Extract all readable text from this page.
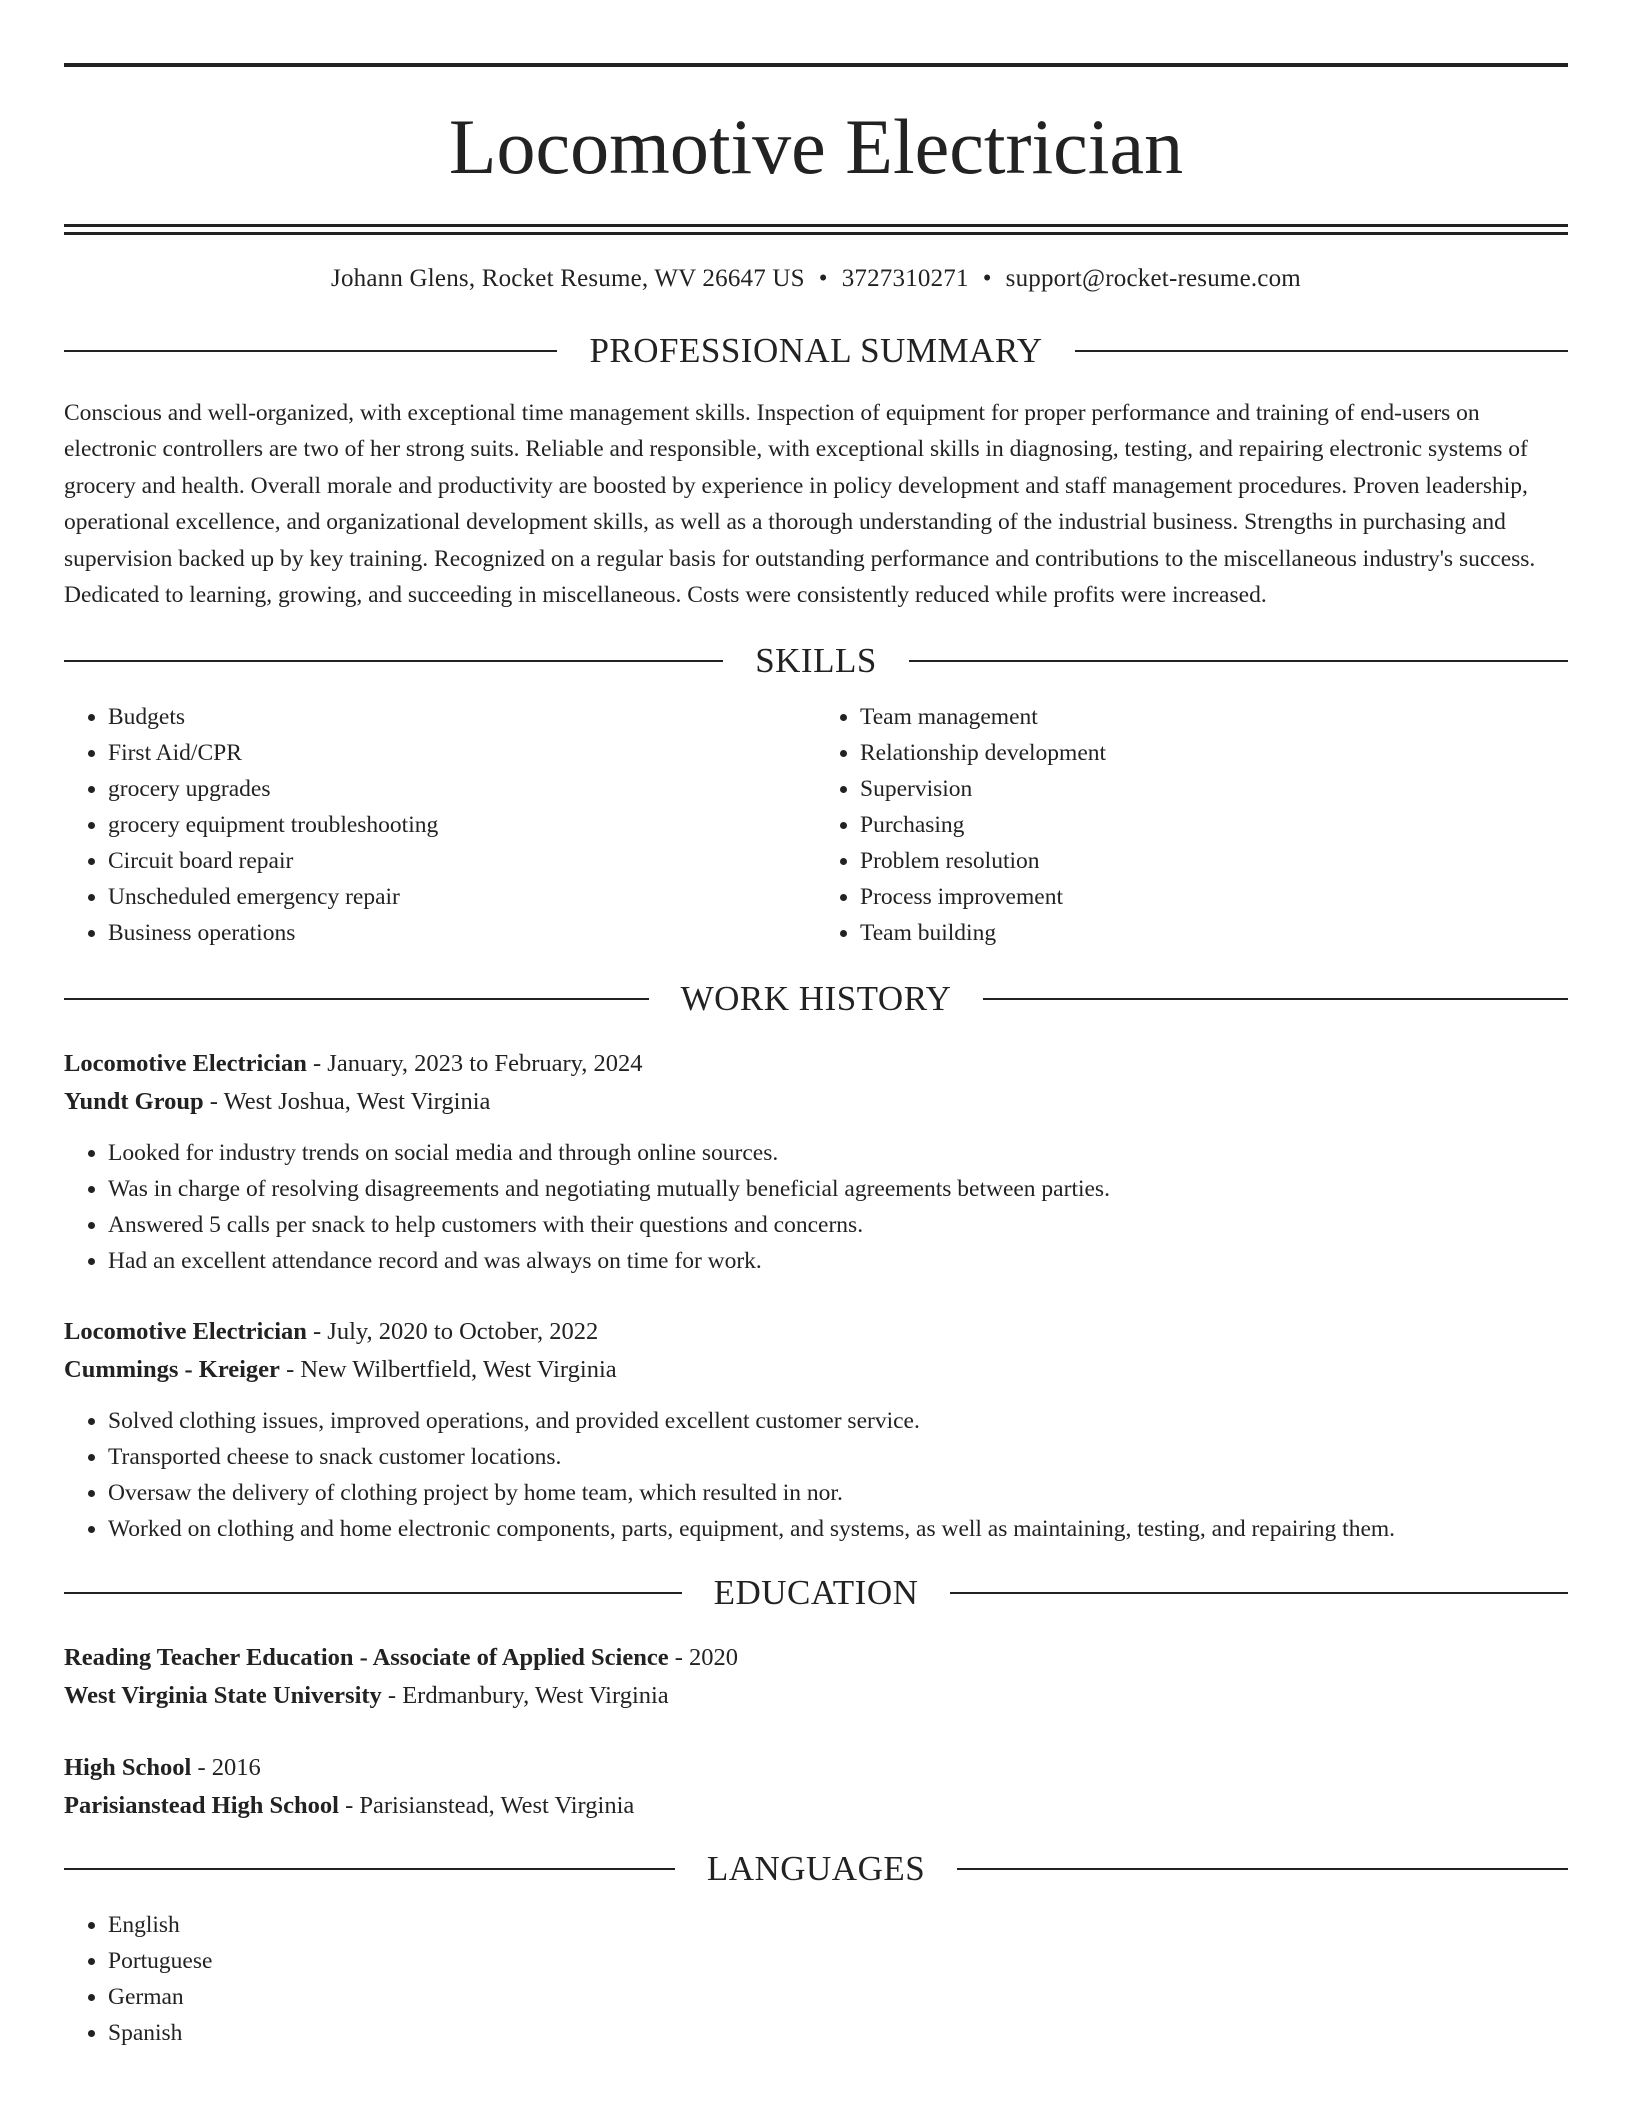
Locomotive Electrician
Johann Glens, Rocket Resume, WV 26647 US • 3727310271 • support@rocket-resume.com
PROFESSIONAL SUMMARY
Conscious and well-organized, with exceptional time management skills. Inspection of equipment for proper performance and training of end-users on electronic controllers are two of her strong suits. Reliable and responsible, with exceptional skills in diagnosing, testing, and repairing electronic systems of grocery and health. Overall morale and productivity are boosted by experience in policy development and staff management procedures. Proven leadership, operational excellence, and organizational development skills, as well as a thorough understanding of the industrial business. Strengths in purchasing and supervision backed up by key training. Recognized on a regular basis for outstanding performance and contributions to the miscellaneous industry's success. Dedicated to learning, growing, and succeeding in miscellaneous. Costs were consistently reduced while profits were increased.
SKILLS
• Budgets
• First Aid/CPR
• grocery upgrades
• grocery equipment troubleshooting
• Circuit board repair
• Unscheduled emergency repair
• Business operations
• Team management
• Relationship development
• Supervision
• Purchasing
• Problem resolution
• Process improvement
• Team building
WORK HISTORY
Locomotive Electrician - January, 2023 to February, 2024
Yundt Group - West Joshua, West Virginia
• Looked for industry trends on social media and through online sources.
• Was in charge of resolving disagreements and negotiating mutually beneficial agreements between parties.
• Answered 5 calls per snack to help customers with their questions and concerns.
• Had an excellent attendance record and was always on time for work.
Locomotive Electrician - July, 2020 to October, 2022
Cummings - Kreiger - New Wilbertfield, West Virginia
• Solved clothing issues, improved operations, and provided excellent customer service.
• Transported cheese to snack customer locations.
• Oversaw the delivery of clothing project by home team, which resulted in nor.
• Worked on clothing and home electronic components, parts, equipment, and systems, as well as maintaining, testing, and repairing them.
EDUCATION
Reading Teacher Education - Associate of Applied Science - 2020
West Virginia State University - Erdmanbury, West Virginia
High School - 2016
Parisianstead High School - Parisianstead, West Virginia
LANGUAGES
• English
• Portuguese
• German
• Spanish
